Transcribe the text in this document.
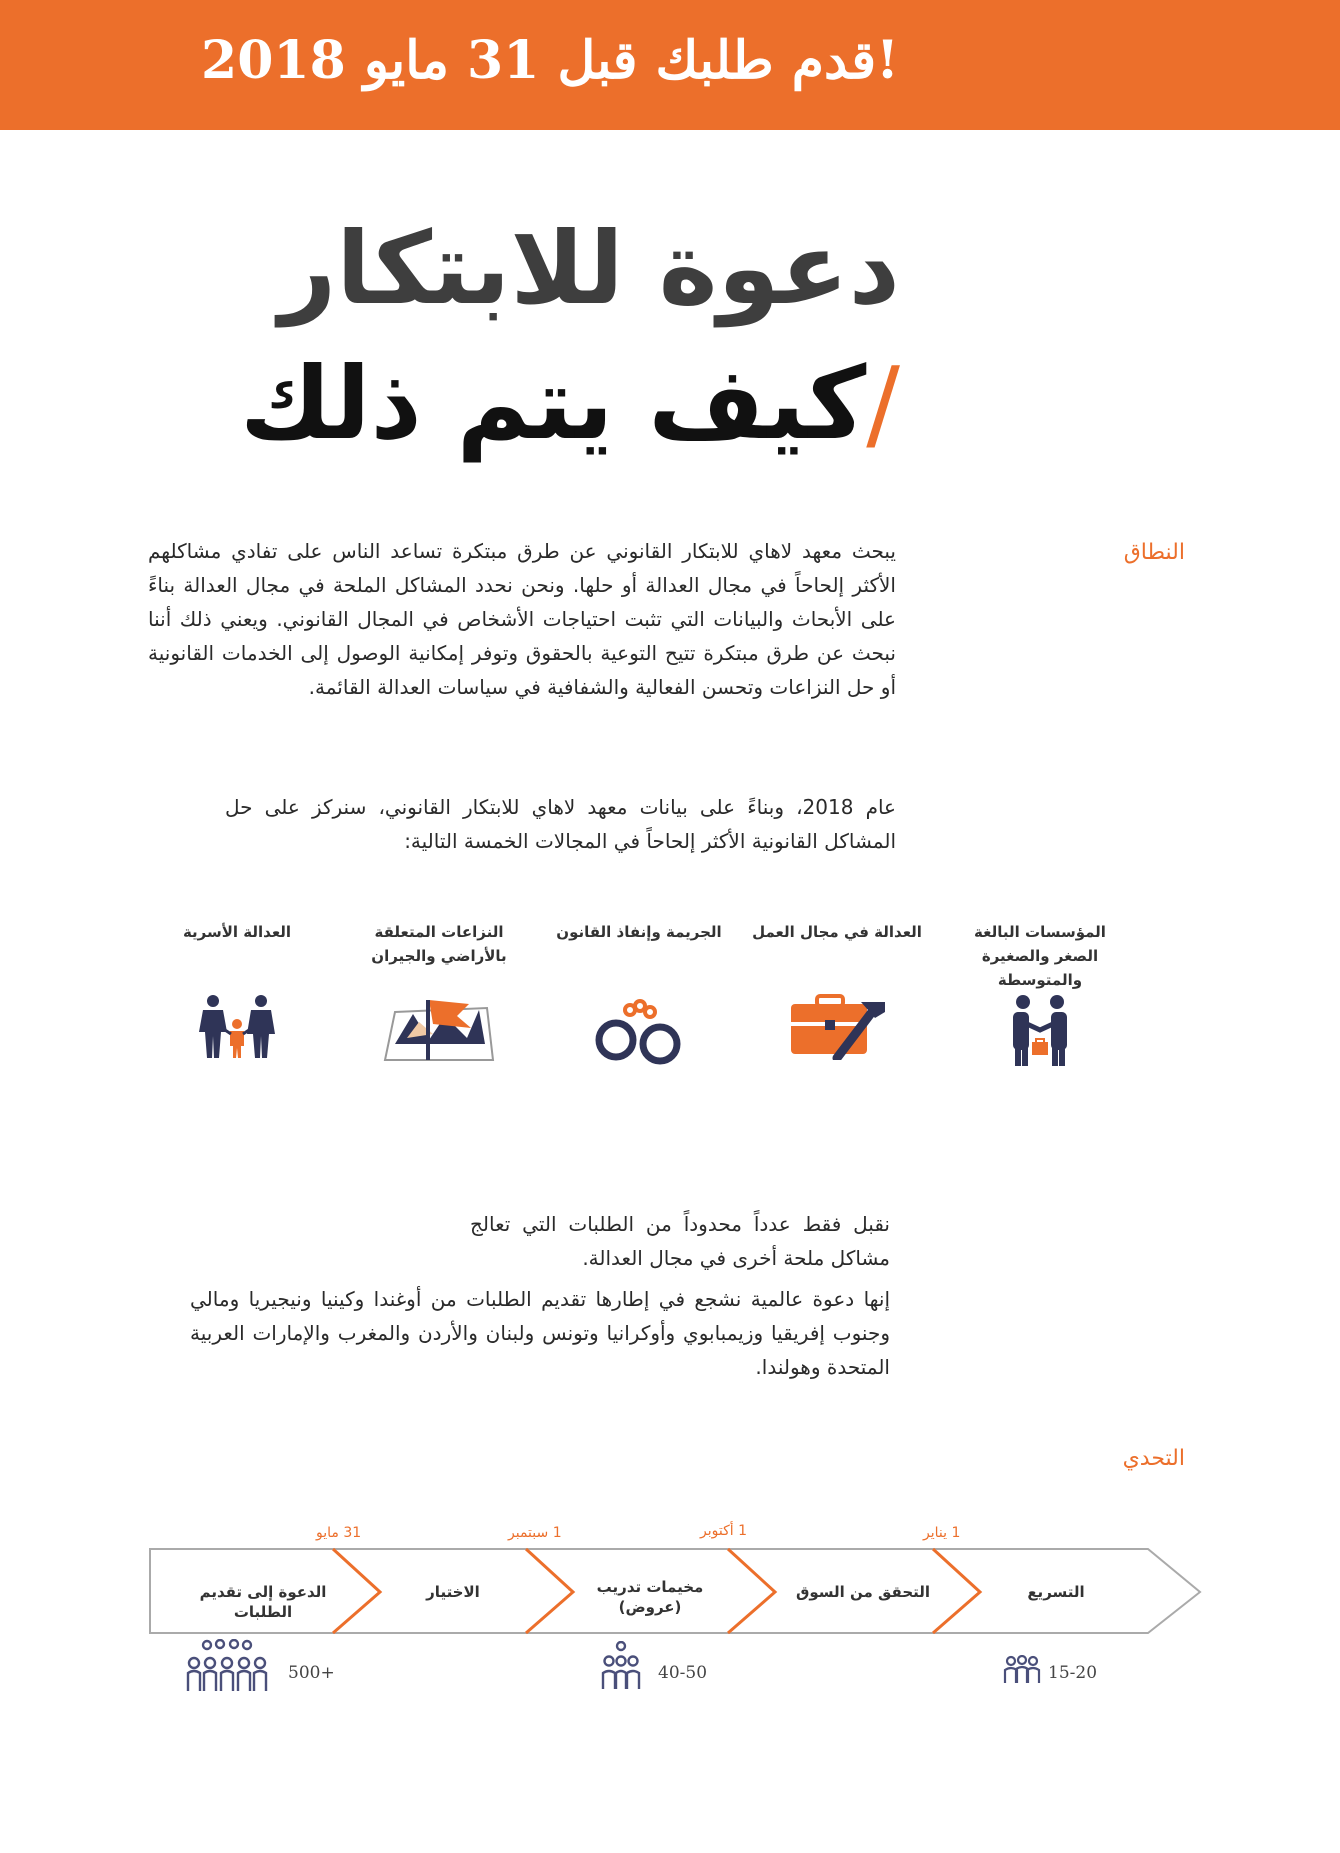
قدم طلبك قبل 31 مايو 2018!
دعوة للابتكار
/كيف يتم ذلك
النطاق
يبحث معهد لاهاي للابتكار القانوني عن طرق مبتكرة تساعد الناس على تفادي مشاكلهم الأكثر إلحاحاً في مجال العدالة أو حلها. ونحن نحدد المشاكل الملحة في مجال العدالة بناءً على الأبحاث والبيانات التي تثبت احتياجات الأشخاص في المجال القانوني. ويعني ذلك أننا نبحث عن طرق مبتكرة تتيح التوعية بالحقوق وتوفر إمكانية الوصول إلى الخدمات القانونية أو حل النزاعات وتحسن الفعالية والشفافية في سياسات العدالة القائمة.
عام 2018، وبناءً على بيانات معهد لاهاي للابتكار القانوني، سنركز على حل المشاكل القانونية الأكثر إلحاحاً في المجالات الخمسة التالية:
المؤسسات البالغة الصغر والصغيرة والمتوسطة
العدالة في مجال العمل
الجريمة وإنفاذ القانون
النزاعات المتعلقة بالأراضي والجيران
العدالة الأسرية
نقبل فقط عدداً محدوداً من الطلبات التي تعالج مشاكل ملحة أخرى في مجال العدالة.
إنها دعوة عالمية نشجع في إطارها تقديم الطلبات من أوغندا وكينيا ونيجيريا ومالي وجنوب إفريقيا وزيمبابوي وأوكرانيا وتونس ولبنان والأردن والمغرب والإمارات العربية المتحدة وهولندا.
التحدي
31 مايو	1 سبتمبر	1 أكتوبر	1 يناير
الدعوة إلى تقديم الطلبات
الاختيار	مخيمات تدريب (عروض)
التحقق من السوق	التسريع
500+	40-50	15-20
